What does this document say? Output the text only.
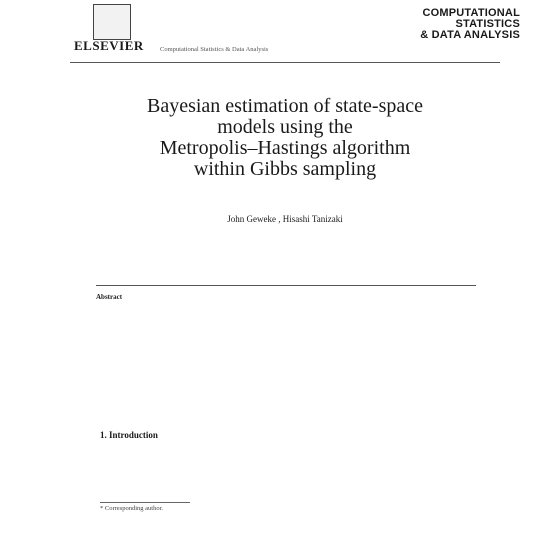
ELSEVIER	Computational Statistics & Data Analysis
COMPUTATIONAL
STATISTICS
& DATA ANALYSIS
Bayesian estimation of state-space
models using the
Metropolis–Hastings algorithm
within Gibbs sampling
John Geweke , Hisashi Tanizaki
Abstract
1. Introduction
* Corresponding author.
